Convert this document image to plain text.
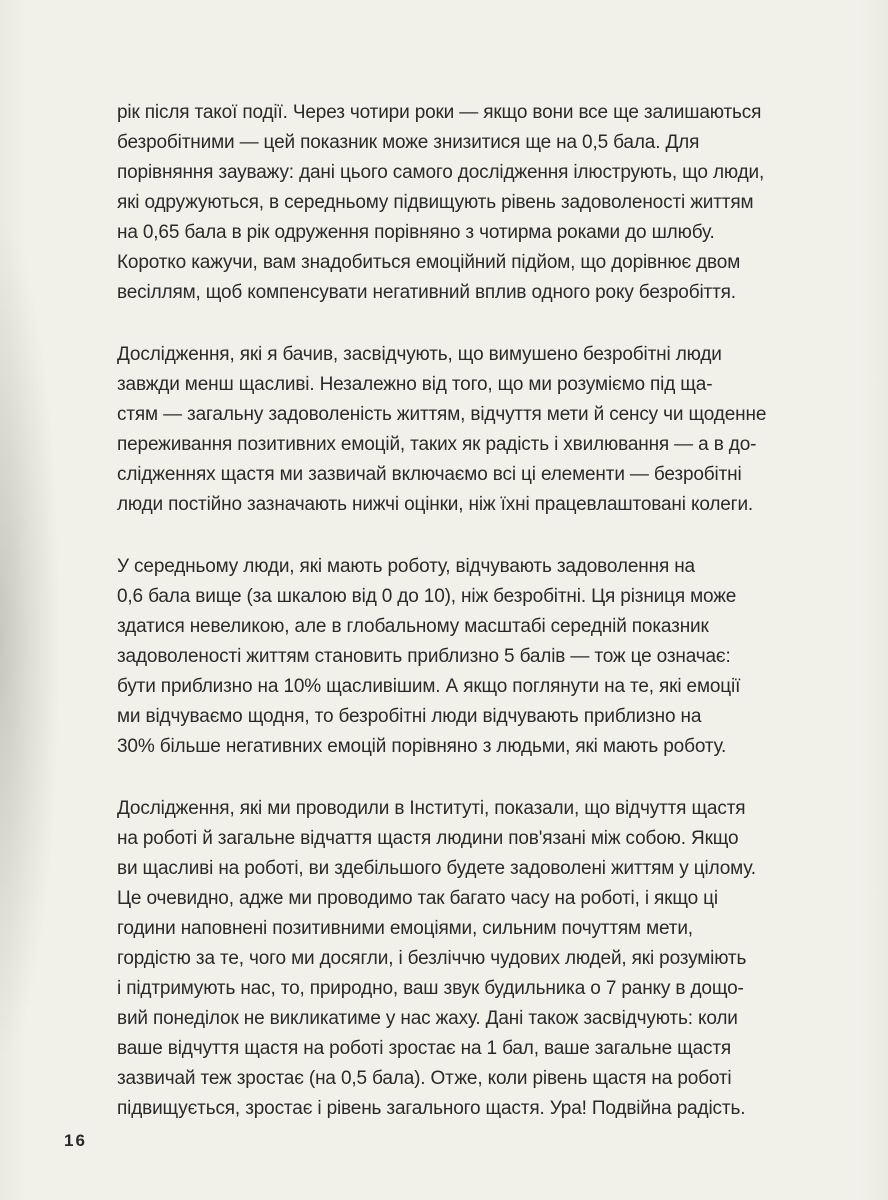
рік після такої події. Через чотири роки — якщо вони все ще залишаються
безробітними — цей показник може знизитися ще на 0,5 бала. Для
порівняння зауважу: дані цього самого дослідження ілюструють, що люди,
які одружуються, в середньому підвищують рівень задоволеності життям
на 0,65 бала в рік одруження порівняно з чотирма роками до шлюбу.
Коротко кажучи, вам знадобиться емоційний підйом, що дорівнює двом
весіллям, щоб компенсувати негативний вплив одного року безробіття.

Дослідження, які я бачив, засвідчують, що вимушено безробітні люди
завжди менш щасливі. Незалежно від того, що ми розуміємо під ща-
стям — загальну задоволеність життям, відчуття мети й сенсу чи щоденне
переживання позитивних емоцій, таких як радість і хвилювання — а в до-
слідженнях щастя ми зазвичай включаємо всі ці елементи — безробітні
люди постійно зазначають нижчі оцінки, ніж їхні працевлаштовані колеги.

У середньому люди, які мають роботу, відчувають задоволення на
0,6 бала вище (за шкалою від 0 до 10), ніж безробітні. Ця різниця може
здатися невеликою, але в глобальному масштабі середній показник
задоволеності життям становить приблизно 5 балів — тож це означає:
бути приблизно на 10% щасливішим. А якщо поглянути на те, які емоції
ми відчуваємо щодня, то безробітні люди відчувають приблизно на
30% більше негативних емоцій порівняно з людьми, які мають роботу.

Дослідження, які ми проводили в Інституті, показали, що відчуття щастя
на роботі й загальне відчаття щастя людини пов'язані між собою. Якщо
ви щасливі на роботі, ви здебільшого будете задоволені життям у цілому.
Це очевидно, адже ми проводимо так багато часу на роботі, і якщо ці
години наповнені позитивними емоціями, сильним почуттям мети,
гордістю за те, чого ми досягли, і безліччю чудових людей, які розуміють
і підтримують нас, то, природно, ваш звук будильника о 7 ранку в дощо-
вий понеділок не викликатиме у нас жаху. Дані також засвідчують: коли
ваше відчуття щастя на роботі зростає на 1 бал, ваше загальне щастя
зазвичай теж зростає (на 0,5 бала). Отже, коли рівень щастя на роботі
підвищується, зростає і рівень загального щастя. Ура! Подвійна радість.

16
